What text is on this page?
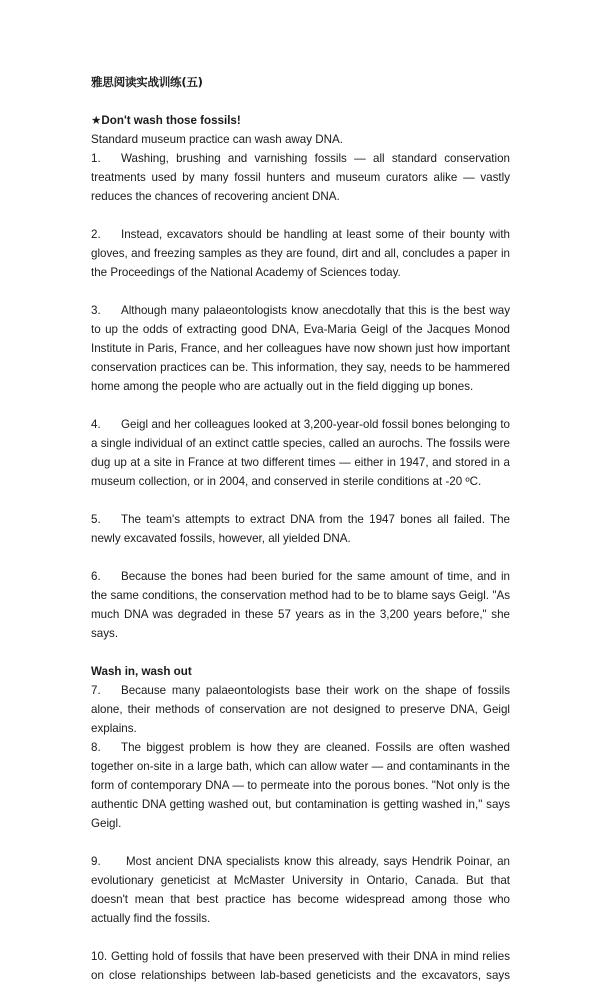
雅思阅读实战训练(五)

★Don't wash those fossils!

Standard museum practice can wash away DNA.

1. Washing, brushing and varnishing fossils — all standard conservation treatments used by many fossil hunters and museum curators alike — vastly reduces the chances of recovering ancient DNA.

2. Instead, excavators should be handling at least some of their bounty with gloves, and freezing samples as they are found, dirt and all, concludes a paper in the Proceedings of the National Academy of Sciences today.

3. Although many palaeontologists know anecdotally that this is the best way to up the odds of extracting good DNA, Eva-Maria Geigl of the Jacques Monod Institute in Paris, France, and her colleagues have now shown just how important conservation practices can be. This information, they say, needs to be hammered home among the people who are actually out in the field digging up bones.

4. Geigl and her colleagues looked at 3,200-year-old fossil bones belonging to a single individual of an extinct cattle species, called an aurochs. The fossils were dug up at a site in France at two different times — either in 1947, and stored in a museum collection, or in 2004, and conserved in sterile conditions at -20 ºC.

5. The team's attempts to extract DNA from the 1947 bones all failed. The newly excavated fossils, however, all yielded DNA.

6. Because the bones had been buried for the same amount of time, and in the same conditions, the conservation method had to be to blame says Geigl. "As much DNA was degraded in these 57 years as in the 3,200 years before," she says.

Wash in, wash out

7. Because many palaeontologists base their work on the shape of fossils alone, their methods of conservation are not designed to preserve DNA, Geigl explains.

8. The biggest problem is how they are cleaned. Fossils are often washed together on-site in a large bath, which can allow water — and contaminants in the form of contemporary DNA — to permeate into the porous bones. "Not only is the authentic DNA getting washed out, but contamination is getting washed in," says Geigl.

9. Most ancient DNA specialists know this already, says Hendrik Poinar, an evolutionary geneticist at McMaster University in Ontario, Canada. But that doesn't mean that best practice has become widespread among those who actually find the fossils.

10. Getting hold of fossils that have been preserved with their DNA in mind relies on close relationships between lab-based geneticists and the excavators, says
